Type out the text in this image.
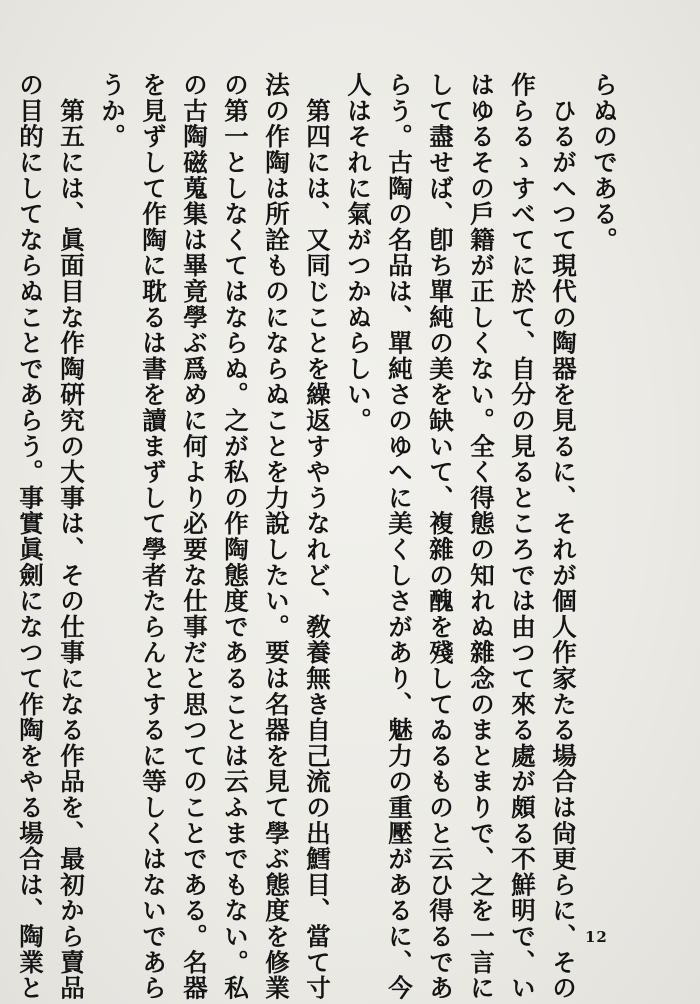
らぬのである。
　ひるがへつて現代の陶器を見るに、それが個人作家たる場合は尙更らに、その
作らるゝすべてに於て、自分の見るところでは由つて來る處が頗る不鮮明で、い
はゆるその戶籍が正しくない。全く得態の知れぬ雜念のまとまりで、之を一言に
して盡せば、卽ち單純の美を缺いて、複雜の醜を殘してゐるものと云ひ得るであ
らう。古陶の名品は、單純さのゆへに美くしさがあり、魅力の重壓があるに、今
人はそれに氣がつかぬらしい。
　第四には、又同じことを繰返すやうなれど、敎養無き自己流の出鱈目、當て寸
法の作陶は所詮ものにならぬことを力說したい。要は名器を見て學ぶ態度を修業
の第一としなくてはならぬ。之が私の作陶態度であることは云ふまでもない。私
の古陶磁蒐集は畢竟學ぶ爲めに何より必要な仕事だと思つてのことである。名器
を見ずして作陶に耽るは書を讀まずして學者たらんとするに等しくはないであら
うか。
　第五には、眞面目な作陶硏究の大事は、その仕事になる作品を、最初から賣品
の目的にしてならぬことであらう。事實眞劍になつて作陶をやる場合は、陶業と	12
